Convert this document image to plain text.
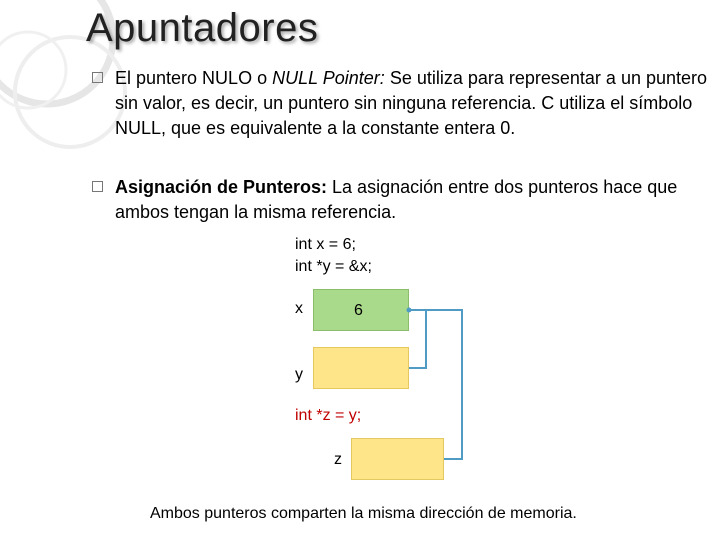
Apuntadores
El puntero NULO o NULL Pointer: Se utiliza para representar a un puntero sin valor, es decir, un puntero sin ninguna referencia. C utiliza el símbolo NULL, que es equivalente a la constante entera 0.
Asignación de Punteros: La asignación entre dos punteros hace que ambos tengan la misma referencia.
int x = 6;
int *y = &x;
int *z = y;
x	6
y
z
Ambos punteros comparten la misma dirección de memoria.
